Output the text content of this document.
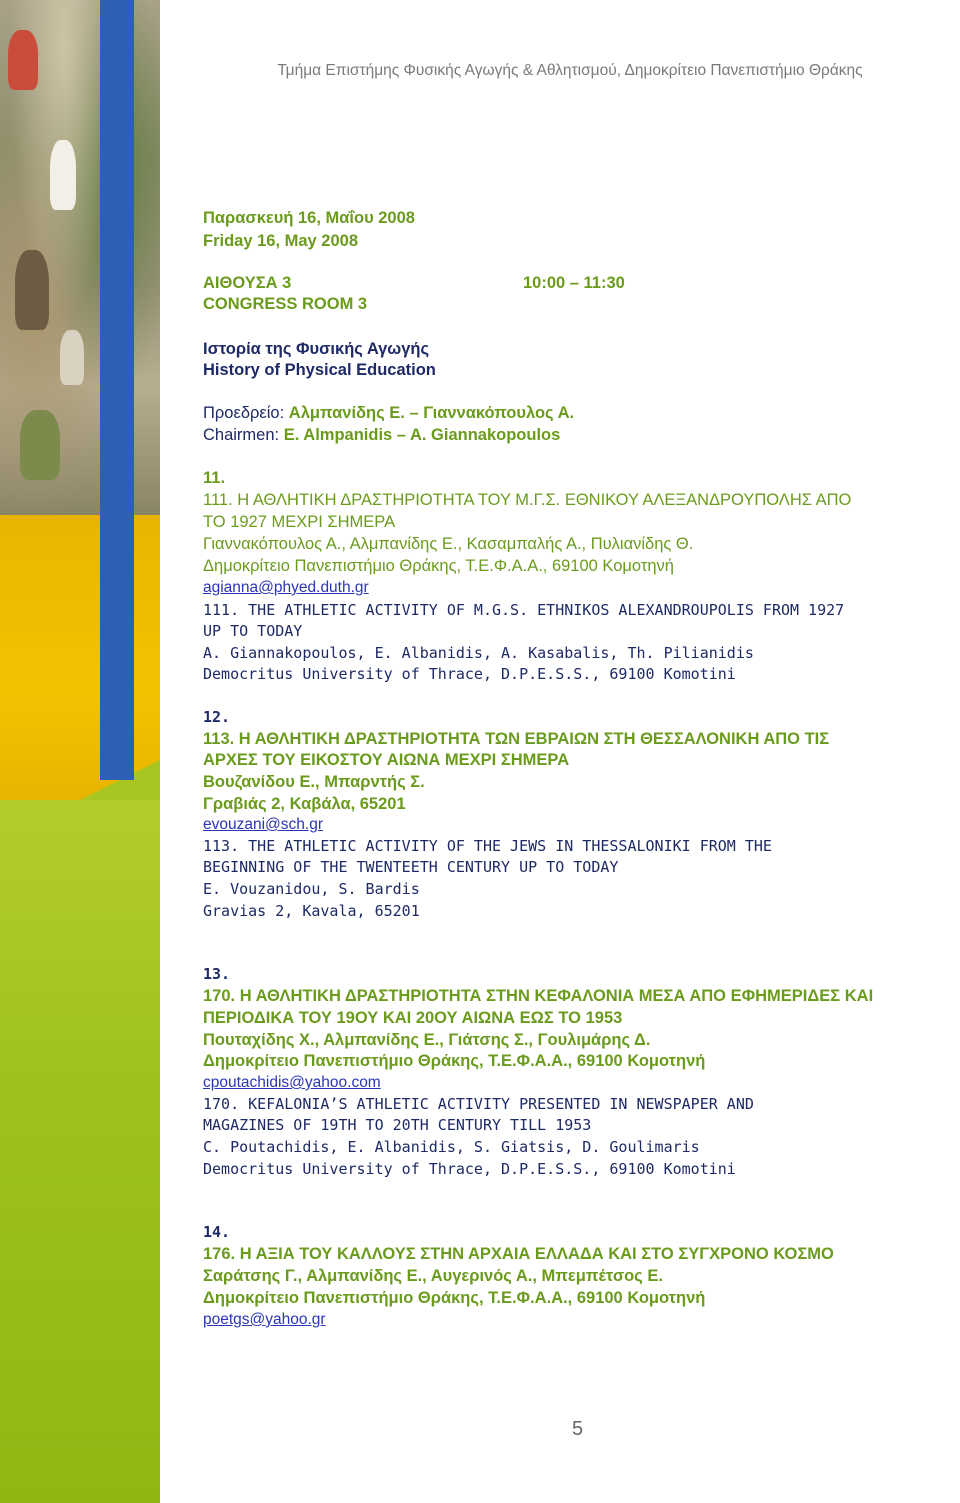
Τμήμα Επιστήμης Φυσικής Αγωγής & Αθλητισμού, Δημοκρίτειο Πανεπιστήμιο Θράκης
Παρασκευή 16, Μαΐου 2008
Friday 16, May 2008
ΑΙΘΟΥΣΑ 3	10:00 – 11:30
CONGRESS ROOM 3
Ιστορία της Φυσικής Αγωγής
History of Physical Education
Προεδρείο: Αλμπανίδης Ε. – Γιαννακόπουλος Α.
Chairmen: E. Almpanidis – A. Giannakopoulos
11.
111. Η ΑΘΛΗΤΙΚΗ ΔΡΑΣΤΗΡΙΟΤΗΤΑ ΤΟΥ Μ.Γ.Σ. ΕΘΝΙΚΟΥ ΑΛΕΞΑΝΔΡΟΥΠΟΛΗΣ ΑΠΟ
ΤΟ 1927 ΜΕΧΡΙ ΣΗΜΕΡΑ
Γιαννακόπουλος Α., Αλμπανίδης Ε., Κασαμπαλής Α., Πυλιανίδης Θ.
Δημοκρίτειο Πανεπιστήμιο Θράκης, Τ.Ε.Φ.Α.Α., 69100 Κομοτηνή
agianna@phyed.duth.gr
111. THE ATHLETIC ACTIVITY OF M.G.S. ETHNIKOS ALEXANDROUPOLIS FROM 1927
UP TO TODAY
A. Giannakopoulos, E. Albanidis, A. Kasabalis, Th. Pilianidis
Democritus University of Thrace, D.P.E.S.S., 69100 Komotini
12.
113. Η ΑΘΛΗΤΙΚΗ ΔΡΑΣΤΗΡΙΟΤΗΤΑ ΤΩΝ ΕΒΡΑΙΩΝ ΣΤΗ ΘΕΣΣΑΛΟΝΙΚΗ ΑΠΟ ΤΙΣ
ΑΡΧΕΣ ΤΟΥ ΕΙΚΟΣΤΟΥ ΑΙΩΝΑ ΜΕΧΡΙ ΣΗΜΕΡΑ
Βουζανίδου Ε., Μπαρντής Σ.
Γραβιάς 2, Καβάλα, 65201
evouzani@sch.gr
113. THE ATHLETIC ACTIVITY OF THE JEWS IN THESSALONIKI FROM THE
BEGINNING OF THE TWENTEETH CENTURY UP TO TODAY
E. Vouzanidou, S. Bardis
Gravias 2, Kavala, 65201
13.
170. Η ΑΘΛΗΤΙΚΗ ΔΡΑΣΤΗΡΙΟΤΗΤΑ ΣΤΗΝ ΚΕΦΑΛΟΝΙΑ ΜΕΣΑ ΑΠΟ ΕΦΗΜΕΡΙΔΕΣ ΚΑΙ
ΠΕΡΙΟΔΙΚΑ ΤΟΥ 19ΟΥ ΚΑΙ 20ΟΥ ΑΙΩΝΑ ΕΩΣ ΤΟ 1953
Πουταχίδης Χ., Αλμπανίδης Ε., Γιάτσης Σ., Γουλιμάρης Δ.
Δημοκρίτειο Πανεπιστήμιο Θράκης, Τ.Ε.Φ.Α.Α., 69100 Κομοτηνή
cpoutachidis@yahoo.com
170. KEFALONIA’S ATHLETIC ACTIVITY PRESENTED IN NEWSPAPER AND
MAGAZINES OF 19TH TO 20TH CENTURY TILL 1953
C. Poutachidis, E. Albanidis, S. Giatsis, D. Goulimaris
Democritus University of Thrace, D.P.E.S.S., 69100 Komotini
14.
176. Η ΑΞΙΑ ΤΟΥ ΚΑΛΛΟΥΣ ΣΤΗΝ ΑΡΧΑΙΑ ΕΛΛΑΔΑ ΚΑΙ ΣΤΟ ΣΥΓΧΡΟΝΟ ΚΟΣΜΟ
Σαράτσης Γ., Αλμπανίδης Ε., Αυγερινός Α., Μπεμπέτσος Ε.
Δημοκρίτειο Πανεπιστήμιο Θράκης, Τ.Ε.Φ.Α.Α., 69100 Κομοτηνή
poetgs@yahoo.gr
5
